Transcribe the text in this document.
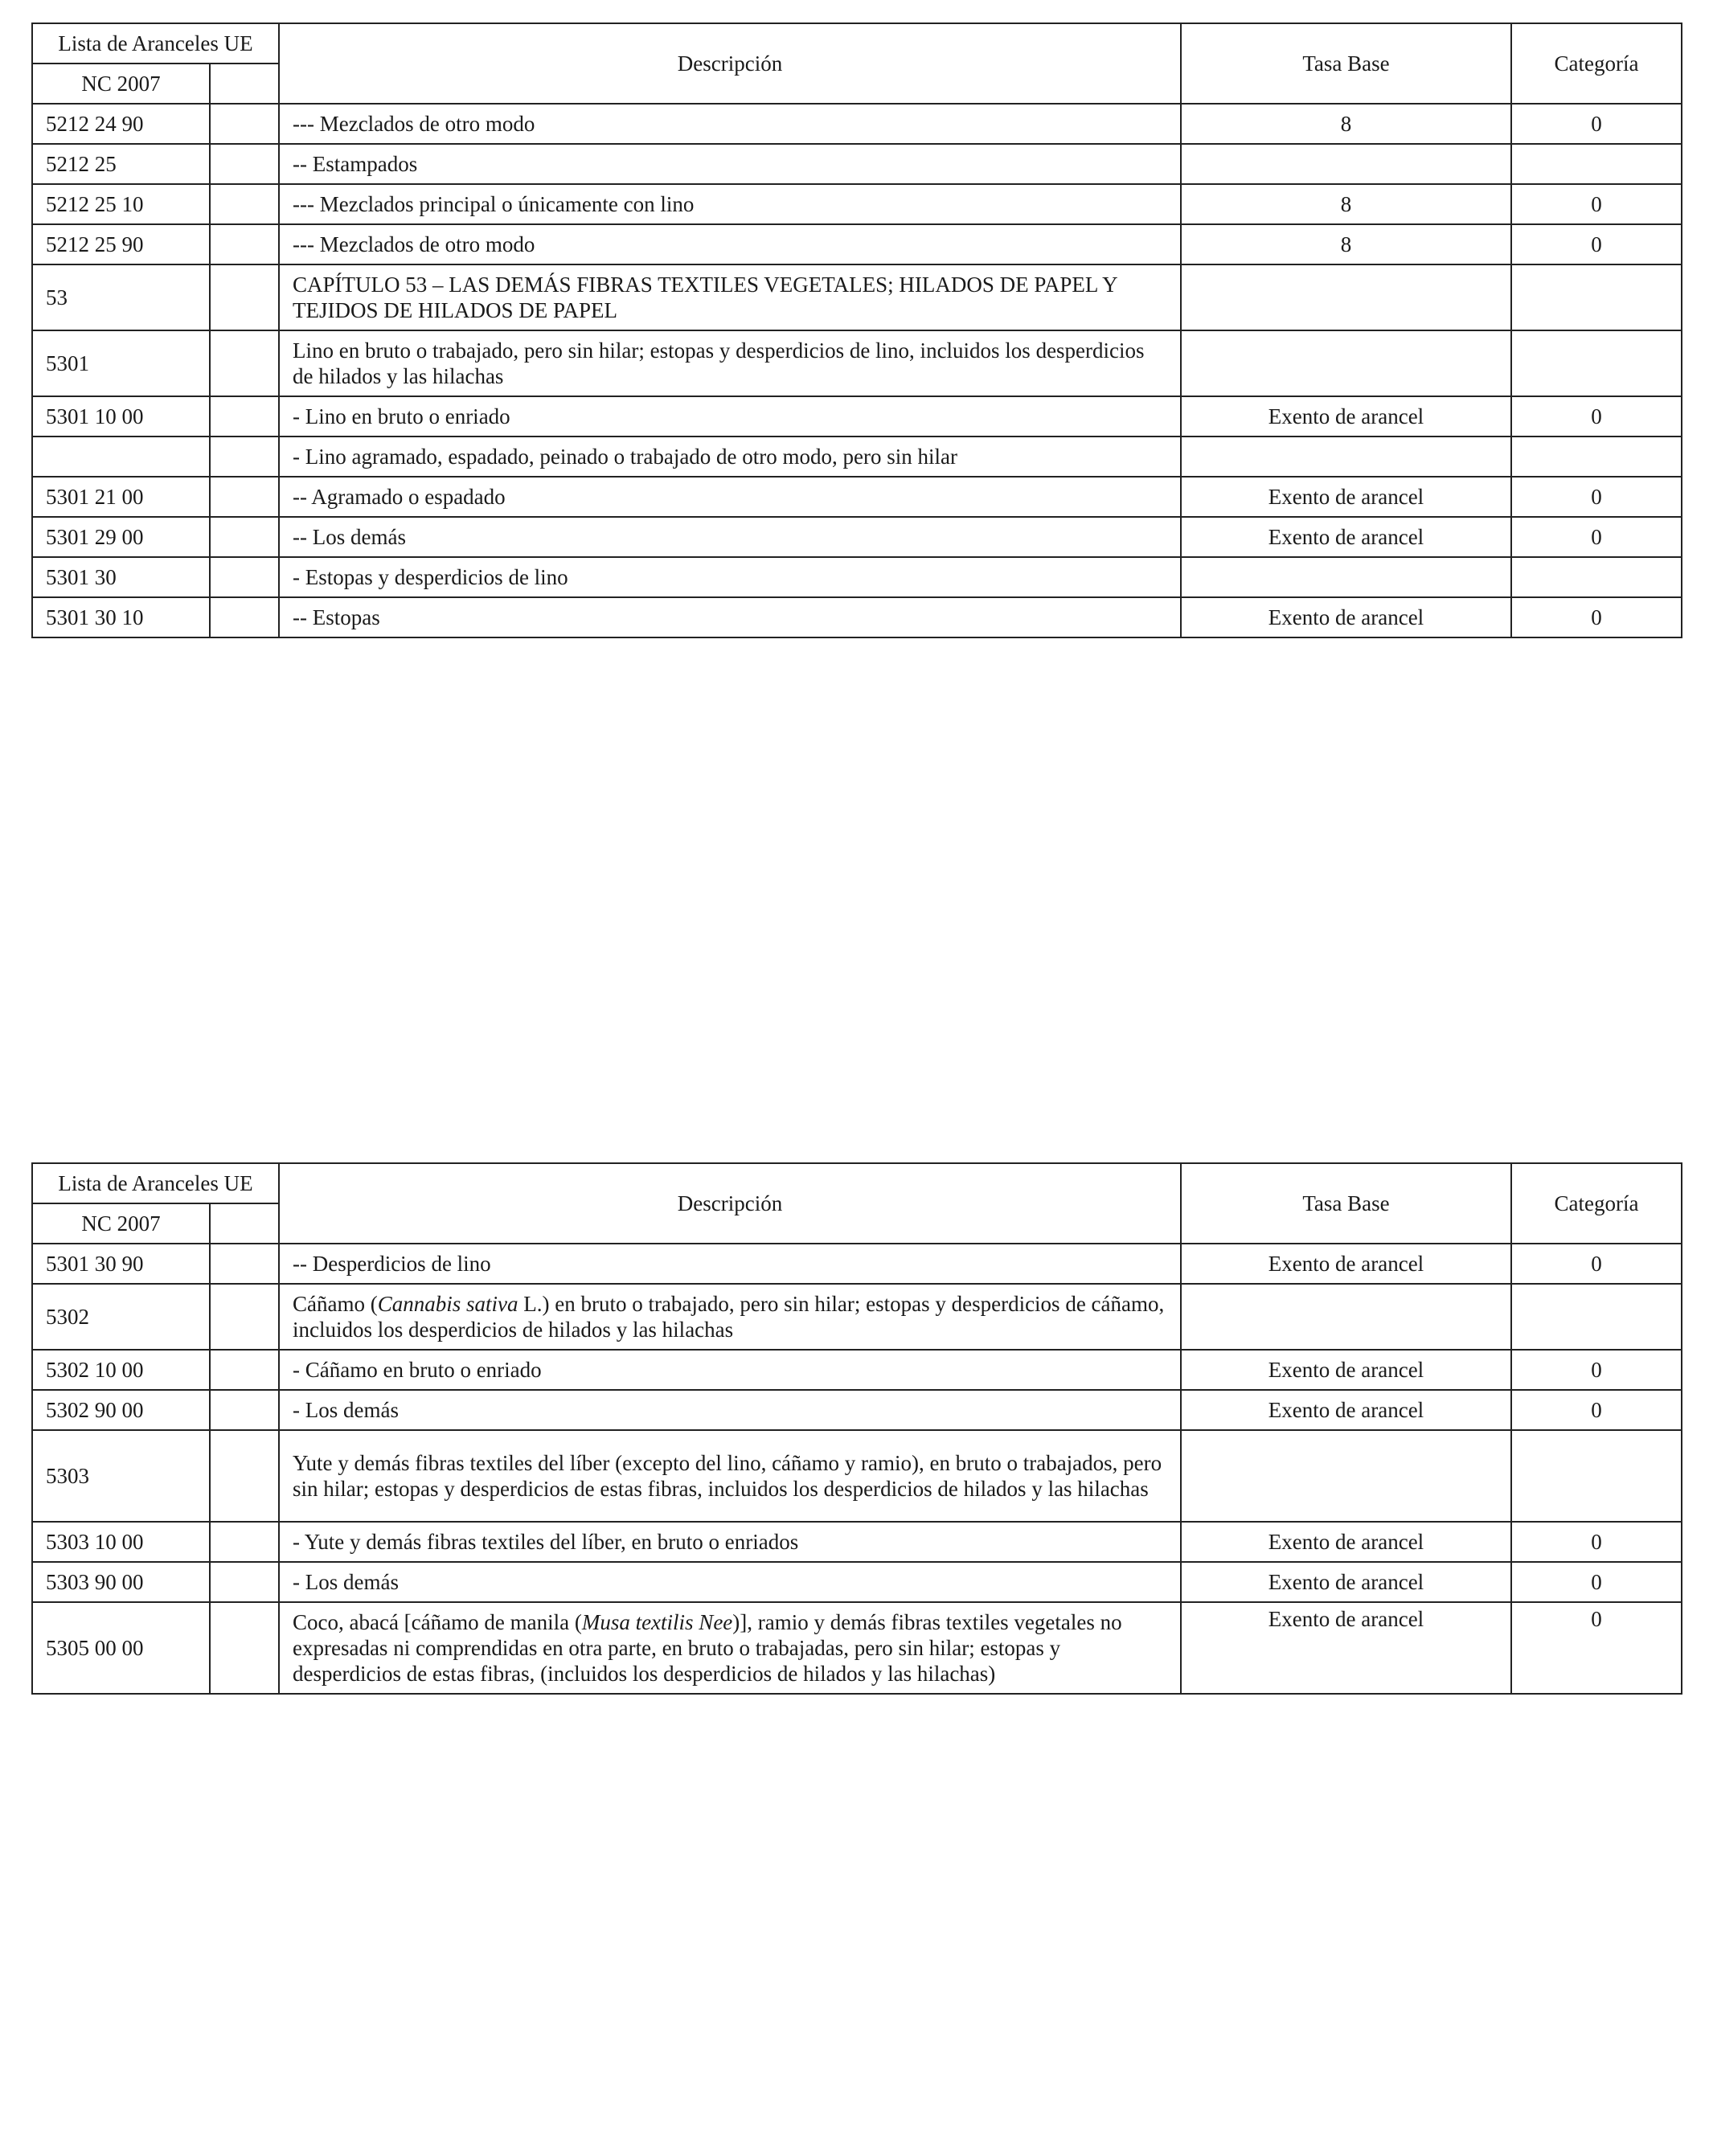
Lista de Aranceles UE		Descripción	Tasa Base	Categoría
NC 2007				
5212 24 90		--- Mezclados de otro modo	8	0
5212 25		-- Estampados		
5212 25 10		--- Mezclados principal o únicamente con lino	8	0
5212 25 90		--- Mezclados de otro modo	8	0
53		CAPÍTULO 53 – LAS DEMÁS FIBRAS TEXTILES VEGETALES; HILADOS DE PAPEL Y TEJIDOS DE HILADOS DE PAPEL		
5301		Lino en bruto o trabajado, pero sin hilar; estopas y desperdicios de lino, incluidos los desperdicios de hilados y las hilachas		
5301 10 00		- Lino en bruto o enriado	Exento de arancel	0
		- Lino agramado, espadado, peinado o trabajado de otro modo, pero sin hilar		
5301 21 00		-- Agramado o espadado	Exento de arancel	0
5301 29 00		-- Los demás	Exento de arancel	0
5301 30		- Estopas y desperdicios de lino		
5301 30 10		-- Estopas	Exento de arancel	0
Lista de Aranceles UE		Descripción	Tasa Base	Categoría
NC 2007				
5301 30 90		-- Desperdicios de lino	Exento de arancel	0
5302		Cáñamo (Cannabis sativa L.) en bruto o trabajado, pero sin hilar; estopas y desperdicios de cáñamo, incluidos los desperdicios de hilados y las hilachas		
5302 10 00		- Cáñamo en bruto o enriado	Exento de arancel	0
5302 90 00		- Los demás	Exento de arancel	0
5303		Yute y demás fibras textiles del líber (excepto del lino, cáñamo y ramio), en bruto o trabajados, pero sin hilar; estopas y desperdicios de estas fibras, incluidos los desperdicios de hilados y las hilachas		
5303 10 00		- Yute y demás fibras textiles del líber, en bruto o enriados	Exento de arancel	0
5303 90 00		- Los demás	Exento de arancel	0
5305 00 00		Coco, abacá [cáñamo de manila (Musa textilis Nee)], ramio y demás fibras textiles vegetales no expresadas ni comprendidas en otra parte, en bruto o trabajadas, pero sin hilar; estopas y desperdicios de estas fibras, (incluidos los desperdicios de hilados y las hilachas)	Exento de arancel	0
